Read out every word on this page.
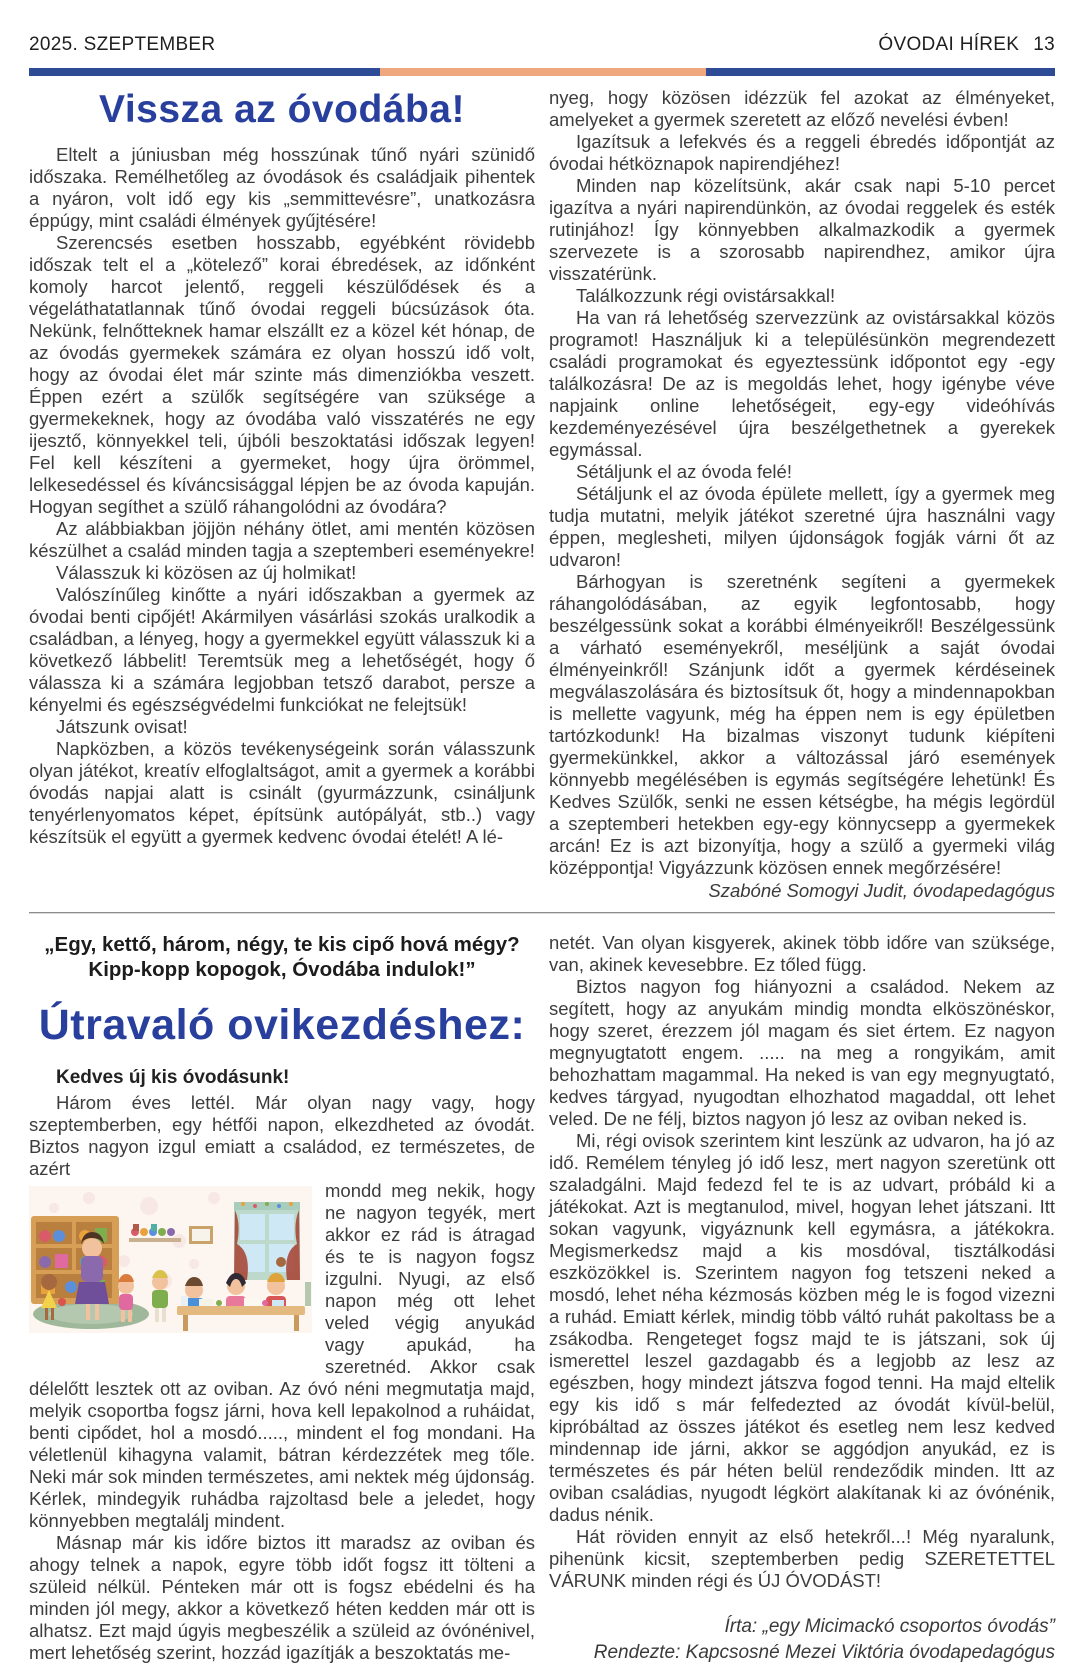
2025. SZEPTEMBER	ÓVODAI HÍREK 13
Vissza az óvodába!

Eltelt a júniusban még hosszúnak tűnő nyári szünidő időszaka. Remélhetőleg az óvodások és családjaik pihentek a nyáron, volt idő egy kis „semmittevésre”, unatkozásra éppúgy, mint családi élmények gyűjtésére!

Szerencsés esetben hosszabb, egyébként rövidebb időszak telt el a „kötelező” korai ébredések, az időnként komoly harcot jelentő, reggeli készülődések és a végeláthatatlannak tűnő óvodai reggeli búcsúzások óta. Nekünk, felnőtteknek hamar elszállt ez a közel két hónap, de az óvodás gyermekek számára ez olyan hosszú idő volt, hogy az óvodai élet már szinte más dimenziókba veszett. Éppen ezért a szülők segítségére van szüksége a gyermekeknek, hogy az óvodába való visszatérés ne egy ijesztő, könnyekkel teli, újbóli beszoktatási időszak legyen! Fel kell készíteni a gyermeket, hogy újra örömmel, lelkesedéssel és kíváncsisággal lépjen be az óvoda kapuján. Hogyan segíthet a szülő ráhangolódni az óvodára?

Az alábbiakban jöjjön néhány ötlet, ami mentén közösen készülhet a család minden tagja a szeptemberi eseményekre!

Válasszuk ki közösen az új holmikat!

Valószínűleg kinőtte a nyári időszakban a gyermek az óvodai benti cipőjét! Akármilyen vásárlási szokás uralkodik a családban, a lényeg, hogy a gyermekkel együtt válasszuk ki a következő lábbelit! Teremtsük meg a lehetőségét, hogy ő válassza ki a számára legjobban tetsző darabot, persze a kényelmi és egészségvédelmi funkciókat ne felejtsük!

Játszunk ovisat!

Napközben, a közös tevékenységeink során válasszunk olyan játékot, kreatív elfoglaltságot, amit a gyermek a korábbi óvodás napjai alatt is csinált (gyurmázzunk, csináljunk tenyérlenyomatos képet, építsünk autópályát, stb..) vagy készítsük el együtt a gyermek kedvenc óvodai ételét! A lé-

nyeg, hogy közösen idézzük fel azokat az élményeket, amelyeket a gyermek szeretett az előző nevelési évben!

Igazítsuk a lefekvés és a reggeli ébredés időpontját az óvodai hétköznapok napirendjéhez!

Minden nap közelítsünk, akár csak napi 5-10 percet igazítva a nyári napirendünkön, az óvodai reggelek és esték rutinjához! Így könnyebben alkalmazkodik a gyermek szervezete is a szorosabb napirendhez, amikor újra visszatérünk.

Találkozzunk régi ovistársakkal!

Ha van rá lehetőség szervezzünk az ovistársakkal közös programot! Használjuk ki a településünkön megrendezett családi programokat és egyeztessünk időpontot egy -egy találkozásra! De az is megoldás lehet, hogy igénybe véve napjaink online lehetőségeit, egy-egy videóhívás kezdeményezésével újra beszélgethetnek a gyerekek egymással.

Sétáljunk el az óvoda felé!

Sétáljunk el az óvoda épülete mellett, így a gyermek meg tudja mutatni, melyik játékot szeretné újra használni vagy éppen, meglesheti, milyen újdonságok fogják várni őt az udvaron!

Bárhogyan is szeretnénk segíteni a gyermekek ráhangolódásában, az egyik legfontosabb, hogy beszélgessünk sokat a korábbi élményeikről! Beszélgessünk a várható eseményekről, meséljünk a saját óvodai élményeinkről! Szánjunk időt a gyermek kérdéseinek megválaszolására és biztosítsuk őt, hogy a mindennapokban is mellette vagyunk, még ha éppen nem is egy épületben tartózkodunk! Ha bizalmas viszonyt tudunk kiépíteni gyermekünkkel, akkor a változással járó események könnyebb megélésében is egymás segítségére lehetünk! És Kedves Szülők, senki ne essen kétségbe, ha mégis legördül a szeptemberi hetekben egy-egy könnycsepp a gyermekek arcán! Ez is azt bizonyítja, hogy a szülő a gyermeki világ középpontja! Vigyázzunk közösen ennek megőrzésére!

Szabóné Somogyi Judit, óvodapedagógus
„Egy, kettő, három, négy, te kis cipő hová mégy?
Kipp-kopp kopogok, Óvodába indulok!”
Útravaló ovikezdéshez:

Kedves új kis óvodásunk!

Három éves lettél. Már olyan nagy vagy, hogy szeptemberben, egy hétfői napon, elkezdheted az óvodát. Biztos nagyon izgul emiatt a családod, ez természetes, de azért

mondd meg nekik, hogy ne nagyon tegyék, mert akkor ez rád is átragad és te is nagyon fogsz izgulni. Nyugi, az első napon még ott lehet veled végig anyukád vagy apukád, ha szeretnéd. Akkor csak délelőtt lesztek ott az oviban. Az óvó néni megmutatja majd, melyik csoportba fogsz járni, hova kell lepakolnod a ruháidat, benti cipődet, hol a mosdó....., mindent el fog mondani. Ha véletlenül kihagyna valamit, bátran kérdezzétek meg tőle. Neki már sok minden természetes, ami nektek még újdonság. Kérlek, mindegyik ruhádba rajzoltasd bele a jeledet, hogy könnyebben megtalálj mindent.

Másnap már kis időre biztos itt maradsz az oviban és ahogy telnek a napok, egyre több időt fogsz itt tölteni a szüleid nélkül. Pénteken már ott is fogsz ebédelni és ha minden jól megy, akkor a következő héten kedden már ott is alhatsz. Ezt majd úgyis megbeszélik a szüleid az óvónénivel, mert lehetőség szerint, hozzád igazítják a beszoktatás me-

netét. Van olyan kisgyerek, akinek több időre van szüksége, van, akinek kevesebbre. Ez tőled függ.

Biztos nagyon fog hiányozni a családod. Nekem az segített, hogy az anyukám mindig mondta elköszönéskor, hogy szeret, érezzem jól magam és siet értem. Ez nagyon megnyugtatott engem. ..... na meg a rongyikám, amit behozhattam magammal. Ha neked is van egy megnyugtató, kedves tárgyad, nyugodtan elhozhatod magaddal, ott lehet veled. De ne félj, biztos nagyon jó lesz az oviban neked is.

Mi, régi ovisok szerintem kint leszünk az udvaron, ha jó az idő. Remélem tényleg jó idő lesz, mert nagyon szeretünk ott szaladgálni. Majd fedezd fel te is az udvart, próbáld ki a játékokat. Azt is megtanulod, mivel, hogyan lehet játszani. Itt sokan vagyunk, vigyáznunk kell egymásra, a játékokra. Megismerkedsz majd a kis mosdóval, tisztálkodási eszközökkel is. Szerintem nagyon fog tetszeni neked a mosdó, lehet néha kézmosás közben még le is fogod vizezni a ruhád. Emiatt kérlek, mindig több váltó ruhát pakoltass be a zsákodba. Rengeteget fogsz majd te is játszani, sok új ismerettel leszel gazdagabb és a legjobb az lesz az egészben, hogy mindezt játszva fogod tenni. Ha majd eltelik egy kis idő s már felfedezted az óvodát kívül-belül, kipróbáltad az összes játékot és esetleg nem lesz kedved mindennap ide járni, akkor se aggódjon anyukád, ez is természetes és pár héten belül rendeződik minden. Itt az oviban családias, nyugodt légkört alakítanak ki az óvónénik, dadus nénik.

Hát röviden ennyit az első hetekről...! Még nyaralunk, pihenünk kicsit, szeptemberben pedig SZERETETTEL VÁRUNK minden régi és ÚJ ÓVODÁST!

Írta: „egy Micimackó csoportos óvodás”
Rendezte: Kapcsosné Mezei Viktória óvodapedagógus
